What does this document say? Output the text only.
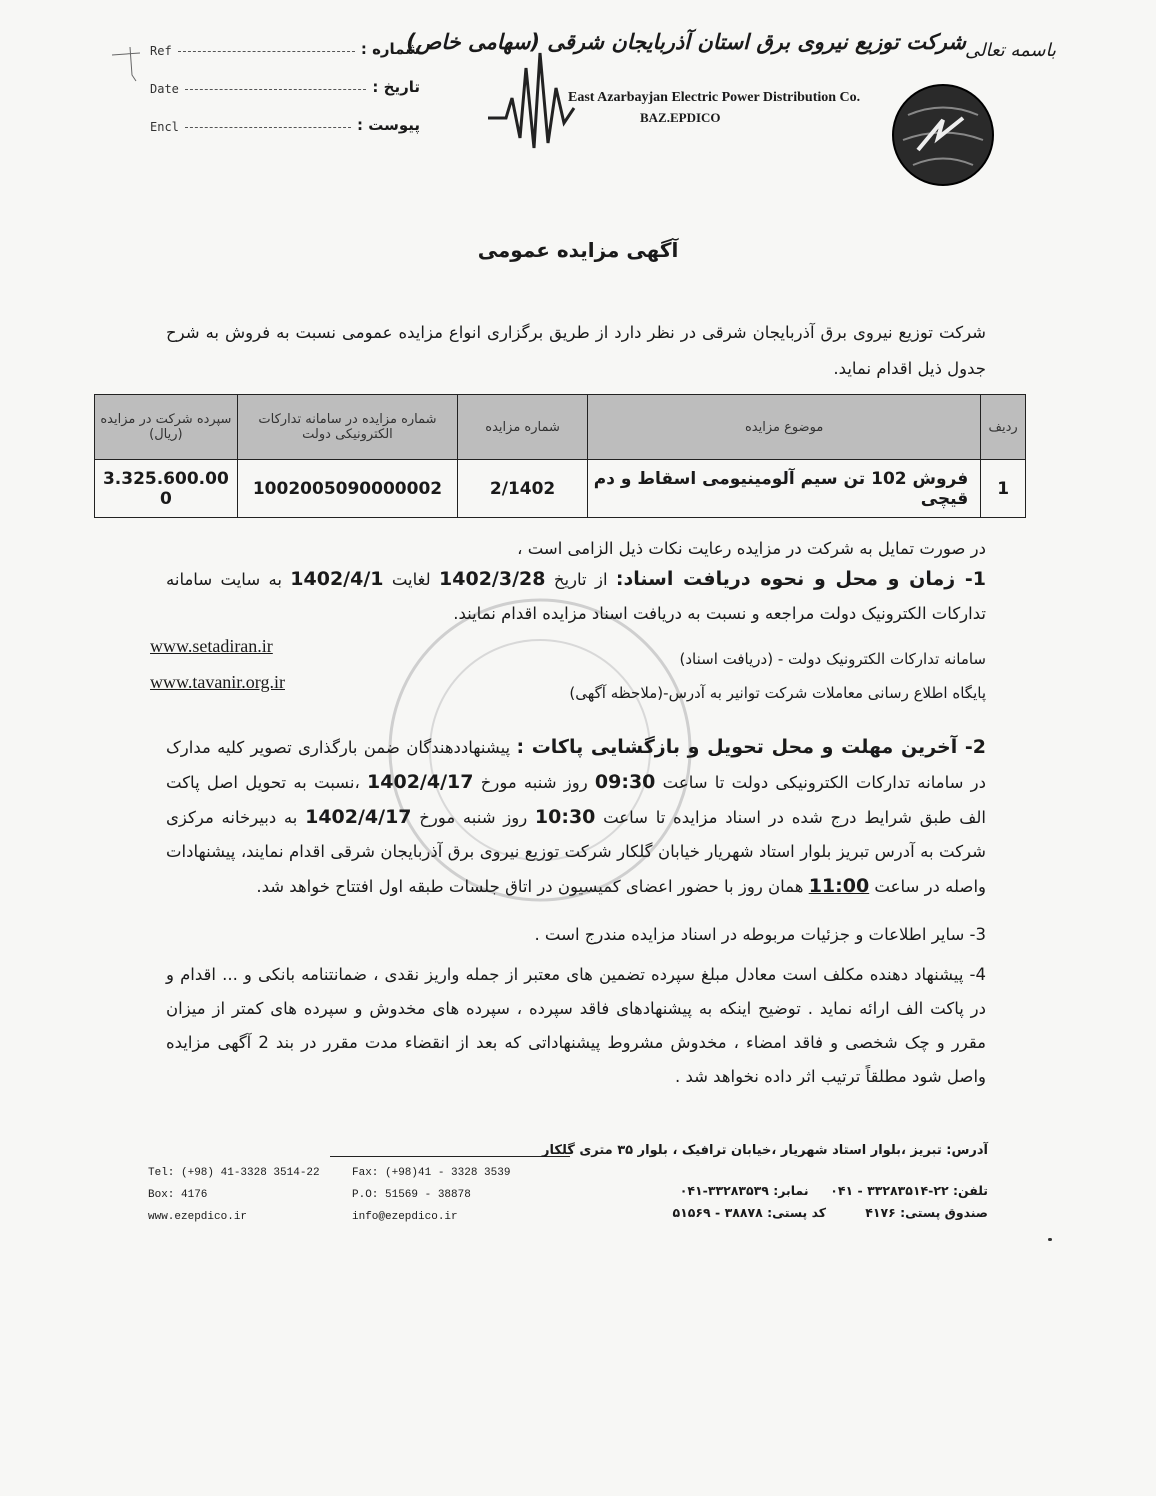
شماره :
Ref
تاریخ :
Date
پیوست :
Encl
باسمه تعالی
شرکت توزیع نیروی برق استان آذربایجان شرقی (سهامی خاص)
East Azarbayjan Electric Power Distribution Co.
BAZ.EPDICO
آگهی مزایده عمومی
شرکت توزیع نیروی برق آذربایجان شرقی در نظر دارد از طریق برگزاری انواع مزایده عمومی نسبت به فروش به شرح جدول ذیل اقدام نماید.
ردیف	موضوع مزایده	شماره مزایده	شماره مزایده در سامانه تدارکات الکترونیکی دولت	سپرده شرکت در مزایده (ریال)
1	فروش 102 تن سیم آلومینیومی اسقاط و دم قیچی	2/1402	1002005090000002	3.325.600.00 0
در صورت تمایل به شرکت در مزایده رعایت نکات ذیل الزامی است ،
1- زمان و محل و نحوه دریافت اسناد: از تاریخ 1402/3/28 لغایت 1402/4/1 به سایت سامانه تدارکات الکترونیک دولت مراجعه و نسبت به دریافت اسناد مزایده اقدام نمایند.
سامانه تدارکات الکترونیک دولت - (دریافت اسناد)
پایگاه اطلاع رسانی معاملات شرکت توانیر به آدرس-(ملاحظه آگهی)
www.setadiran.ir
www.tavanir.org.ir
2- آخرین مهلت و محل تحویل و بازگشایی پاکات : پیشنهاددهندگان ضمن بارگذاری تصویر کلیه مدارک در سامانه تدارکات الکترونیکی دولت تا ساعت 09:30 روز شنبه مورخ 1402/4/17 ،نسبت به تحویل اصل پاکت الف طبق شرایط درج شده در اسناد مزایده تا ساعت 10:30 روز شنبه مورخ 1402/4/17 به دبیرخانه مرکزی شرکت به آدرس تبریز بلوار استاد شهریار خیابان گلکار شرکت توزیع نیروی برق آذربایجان شرقی اقدام نمایند، پیشنهادات واصله در ساعت 11:00 همان روز با حضور اعضای کمیسیون در اتاق جلسات طبقه اول افتتاح خواهد شد.
3- سایر اطلاعات و جزئیات مربوطه در اسناد مزایده مندرج است .
4- پیشنهاد دهنده مکلف است معادل مبلغ سپرده تضمین های معتبر از جمله واریز نقدی ، ضمانتنامه بانکی و ... اقدام و در پاکت الف ارائه نماید . توضیح اینکه به پیشنهادهای فاقد سپرده ، سپرده های مخدوش و سپرده های کمتر از میزان مقرر و چک شخصی و فاقد امضاء ، مخدوش مشروط پیشنهاداتی که بعد از انقضاء مدت مقرر در بند 2 آگهی مزایده واصل شود مطلقاً ترتیب اثر داده نخواهد شد .
آدرس: تبریز ،بلوار استاد شهریار ،خیابان ترافیک ، بلوار ۳۵ متری گلکار
Tel: (+98) 41-3328 3514-22
Box: 4176
www.ezepdico.ir
Fax: (+98)41 - 3328 3539
P.O: 51569 - 38878
info@ezepdico.ir
تلفن: ۲۲-۳۳۲۸۳۵۱۴ - ۰۴۱     نمابر: ۳۳۲۸۳۵۳۹-۰۴۱
صندوق پستی: ۴۱۷۶         کد پستی: ۳۸۸۷۸ - ۵۱۵۶۹
